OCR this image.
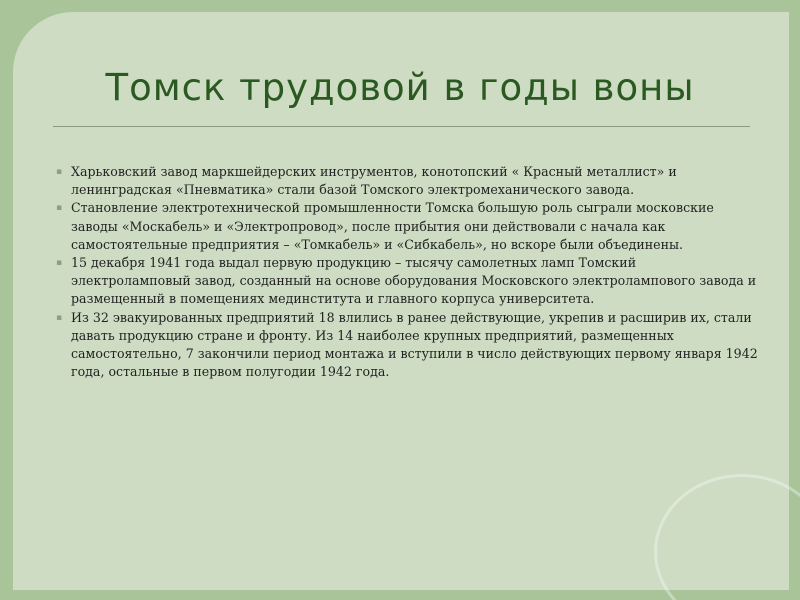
Томск трудовой в годы воны
▪ Харьковский завод маркшейдерских инструментов, конотопский « Красный металлист» и ленинградская «Пневматика» стали базой Томского электромеханического завода.
▪ Становление электротехнической промышленности Томска большую роль сыграли московские заводы «Москабель» и «Электропровод», после прибытия они действовали с начала как самостоятельные предприятия – «Томкабель» и «Сибкабель», но вскоре были объединены.
▪ 15 декабря 1941 года выдал первую продукцию – тысячу самолетных ламп Томский электроламповый завод, созданный на основе оборудования Московского электролампового завода и размещенный в помещениях мединститута и главного корпуса университета.
▪ Из 32 эвакуированных предприятий 18 влились в ранее действующие, укрепив и расширив их, стали давать продукцию стране и фронту. Из 14 наиболее крупных предприятий, размещенных самостоятельно, 7 закончили период монтажа и вступили в число действующих первому января 1942 года, остальные в первом полугодии 1942 года.
